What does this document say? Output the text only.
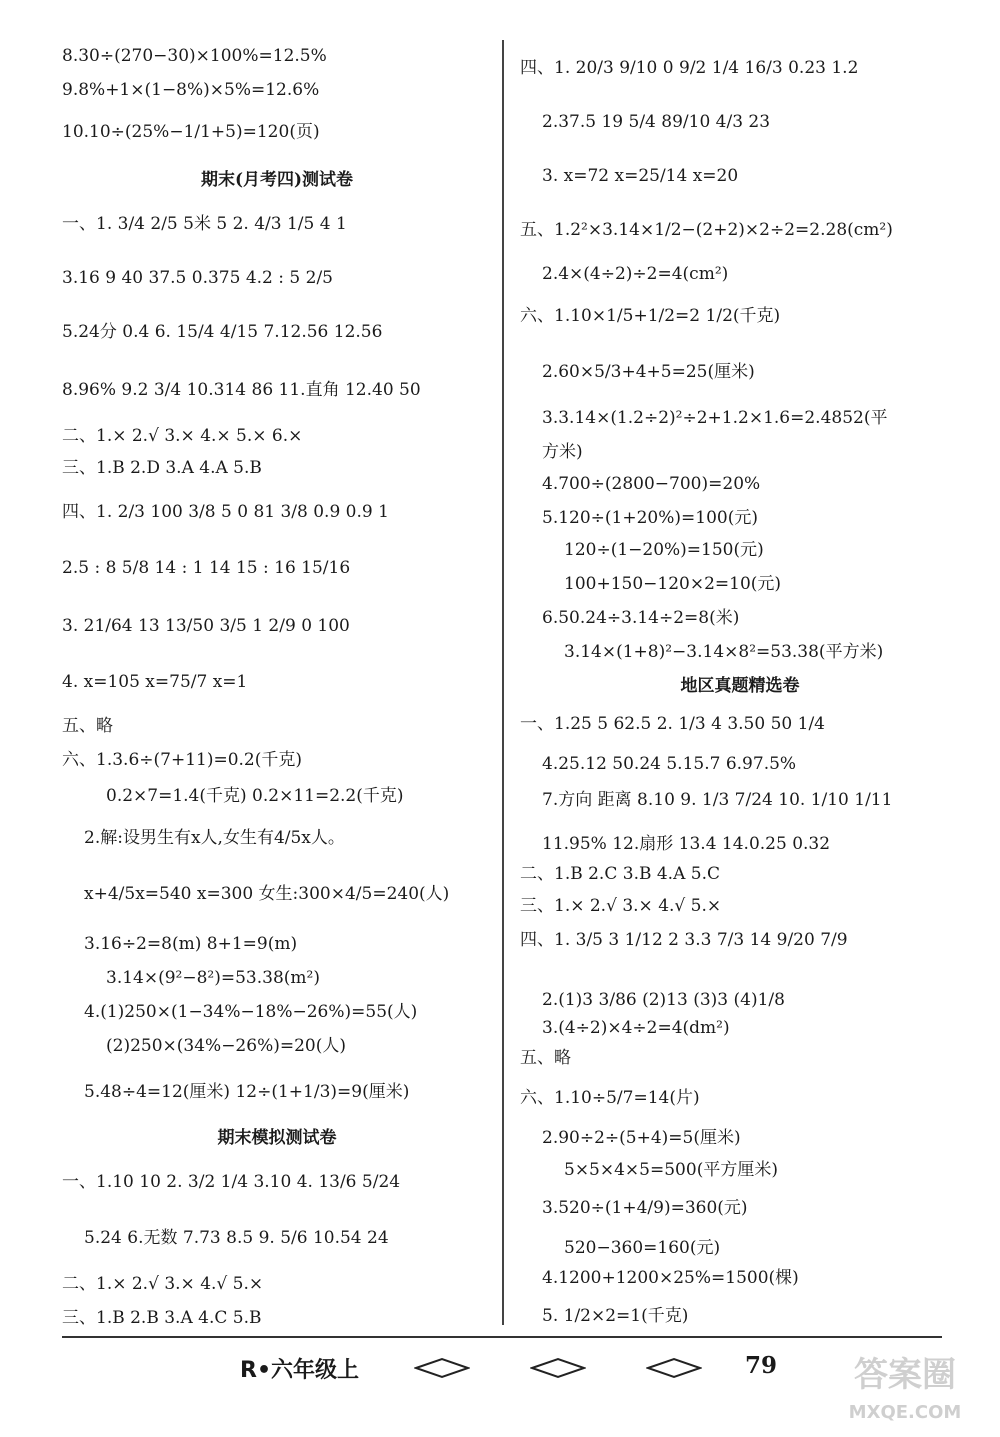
8.30÷(270−30)×100%=12.5%
9.8%+1×(1−8%)×5%=12.6%
10.10÷(25%−1/1+5)=120(页)
期末(月考四)测试卷
一、1. 3/4 2/5 5米 5 2. 4/3 1/5 4 1
3.16 9 40 37.5 0.375 4.2 : 5 2/5
5.24分 0.4 6. 15/4 4/15 7.12.56 12.56
8.96% 9.2 3/4 10.314 86 11.直角 12.40 50
二、1.× 2.√ 3.× 4.× 5.× 6.×
三、1.B 2.D 3.A 4.A 5.B
四、1. 2/3 100 3/8 5 0 81 3/8 0.9 0.9 1
2.5 : 8 5/8 14 : 1 14 15 : 16 15/16
3. 21/64 13 13/50 3/5 1 2/9 0 100
4. x=105 x=75/7 x=1
五、略
六、1.3.6÷(7+11)=0.2(千克)
0.2×7=1.4(千克) 0.2×11=2.2(千克)
2.解:设男生有x人,女生有4/5x人。
x+4/5x=540 x=300 女生:300×4/5=240(人)
3.16÷2=8(m) 8+1=9(m)
3.14×(9²−8²)=53.38(m²)
4.(1)250×(1−34%−18%−26%)=55(人)
(2)250×(34%−26%)=20(人)
5.48÷4=12(厘米) 12÷(1+1/3)=9(厘米)
期末模拟测试卷
一、1.10 10 2. 3/2 1/4 3.10 4. 13/6 5/24
5.24 6.无数 7.73 8.5 9. 5/6 10.54 24
二、1.× 2.√ 3.× 4.√ 5.×
三、1.B 2.B 3.A 4.C 5.B
四、1. 20/3 9/10 0 9/2 1/4 16/3 0.23 1.2
2.37.5 19 5/4 89/10 4/3 23
3. x=72 x=25/14 x=20
五、1.2²×3.14×1/2−(2+2)×2÷2=2.28(cm²)
2.4×(4÷2)÷2=4(cm²)
六、1.10×1/5+1/2=2 1/2(千克)
2.60×5/3+4+5=25(厘米)
3.3.14×(1.2÷2)²÷2+1.2×1.6=2.4852(平
方米)
4.700÷(2800−700)=20%
5.120÷(1+20%)=100(元)
120÷(1−20%)=150(元)
100+150−120×2=10(元)
6.50.24÷3.14÷2=8(米)
3.14×(1+8)²−3.14×8²=53.38(平方米)
地区真题精选卷
一、1.25 5 62.5 2. 1/3 4 3.50 50 1/4
4.25.12 50.24 5.15.7 6.97.5%
7.方向 距离 8.10 9. 1/3 7/24 10. 1/10 1/11
11.95% 12.扇形 13.4 14.0.25 0.32
二、1.B 2.C 3.B 4.A 5.C
三、1.× 2.√ 3.× 4.√ 5.×
四、1. 3/5 3 1/12 2 3.3 7/3 14 9/20 7/9
2.(1)3 3/86 (2)13 (3)3 (4)1/8
3.(4÷2)×4÷2=4(dm²)
五、略
六、1.10÷5/7=14(片)
2.90÷2÷(5+4)=5(厘米)
5×5×4×5=500(平方厘米)
3.520÷(1+4/9)=360(元)
520−360=160(元)
4.1200+1200×25%=1500(棵)
5. 1/2×2=1(千克)
R•六年级上	79 答案圈
MXQE.COM
